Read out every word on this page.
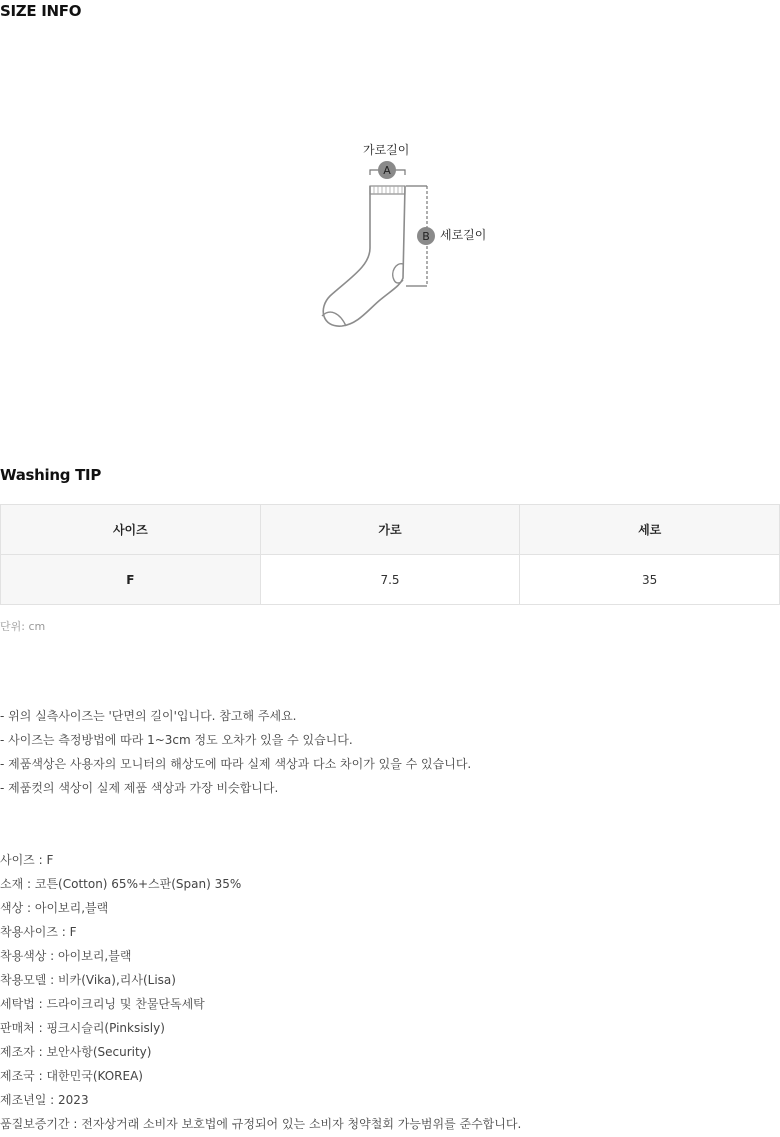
SIZE INFO
가로길이
A
B 세로길이
Washing TIP
사이즈	가로	세로
F	7.5	35
단위: cm
- 위의 실측사이즈는 '단면의 길이'입니다. 참고해 주세요.
- 사이즈는 측정방법에 따라 1~3cm 정도 오차가 있을 수 있습니다.
- 제품색상은 사용자의 모니터의 해상도에 따라 실제 색상과 다소 차이가 있을 수 있습니다.
- 제품컷의 색상이 실제 제품 색상과 가장 비슷합니다.
사이즈 : F
소재 : 코튼(Cotton) 65%+스판(Span) 35%
색상 : 아이보리,블랙
착용사이즈 : F
착용색상 : 아이보리,블랙
착용모델 : 비카(Vika),리사(Lisa)
세탁법 : 드라이크리닝 및 찬물단독세탁
판매처 : 핑크시슬리(Pinksisly)
제조자 : 보안사항(Security)
제조국 : 대한민국(KOREA)
제조년일 : 2023
품질보증기간 : 전자상거래 소비자 보호법에 규정되어 있는 소비자 청약철회 가능범위를 준수합니다.
